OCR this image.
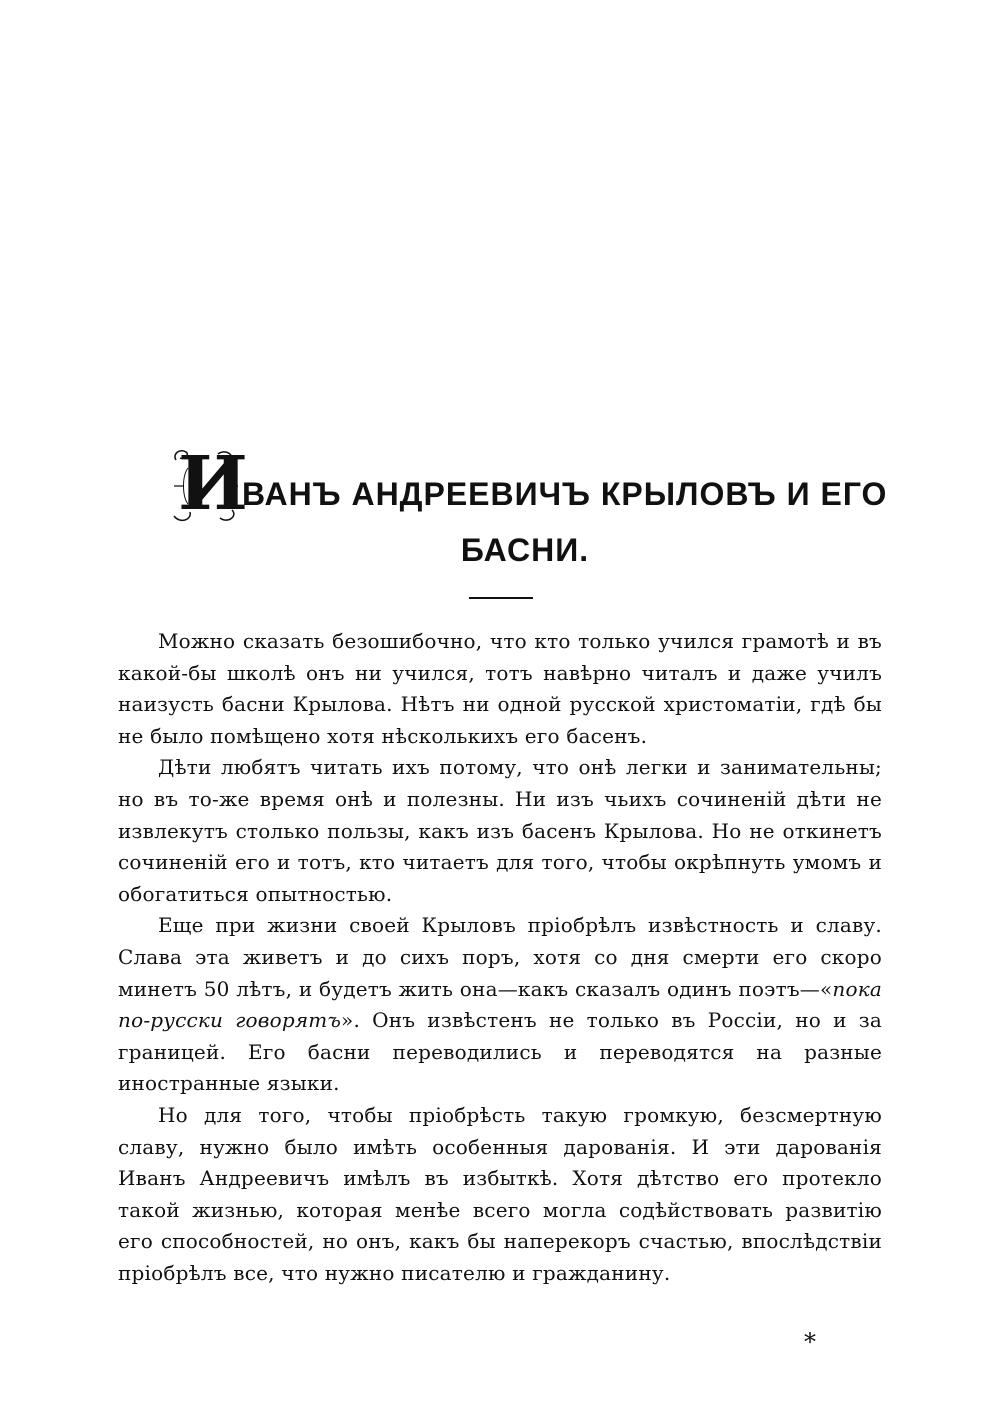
И
ВАНЪ АНДРЕЕВИЧЪ КРЫЛОВЪ И ЕГО
БАСНИ.

Можно сказать безошибочно, что кто только учился грамотѣ и въ какой-бы школѣ онъ ни учился, тотъ навѣрно читалъ и даже училъ наизусть басни Крылова. Нѣтъ ни одной русской христоматіи, гдѣ бы не было помѣщено хотя нѣсколькихъ его басенъ.

Дѣти любятъ читать ихъ потому, что онѣ легки и занимательны; но въ то-же время онѣ и полезны. Ни изъ чьихъ сочиненій дѣти не извлекутъ столько пользы, какъ изъ басенъ Крылова. Но не откинетъ сочиненій его и тотъ, кто читаетъ для того, чтобы окрѣпнуть умомъ и обогатиться опытностью.

Еще при жизни своей Крыловъ пріобрѣлъ извѣстность и славу. Слава эта живетъ и до сихъ поръ, хотя со дня смерти его скоро минетъ 50 лѣтъ, и будетъ жить она—какъ сказалъ одинъ поэтъ—«пока по-русски говорятъ». Онъ извѣстенъ не только въ Россіи, но и за границей. Его басни переводились и переводятся на разные иностранные языки.

Но для того, чтобы пріобрѣсть такую громкую, безсмертную славу, нужно было имѣть особенныя дарованія. И эти дарованія Иванъ Андреевичъ имѣлъ въ избыткѣ. Хотя дѣтство его протекло такой жизнью, которая менѣе всего могла содѣйствовать развитію его способностей, но онъ, какъ бы наперекоръ счастью, впослѣдствіи пріобрѣлъ все, что нужно писателю и гражданину.

*
